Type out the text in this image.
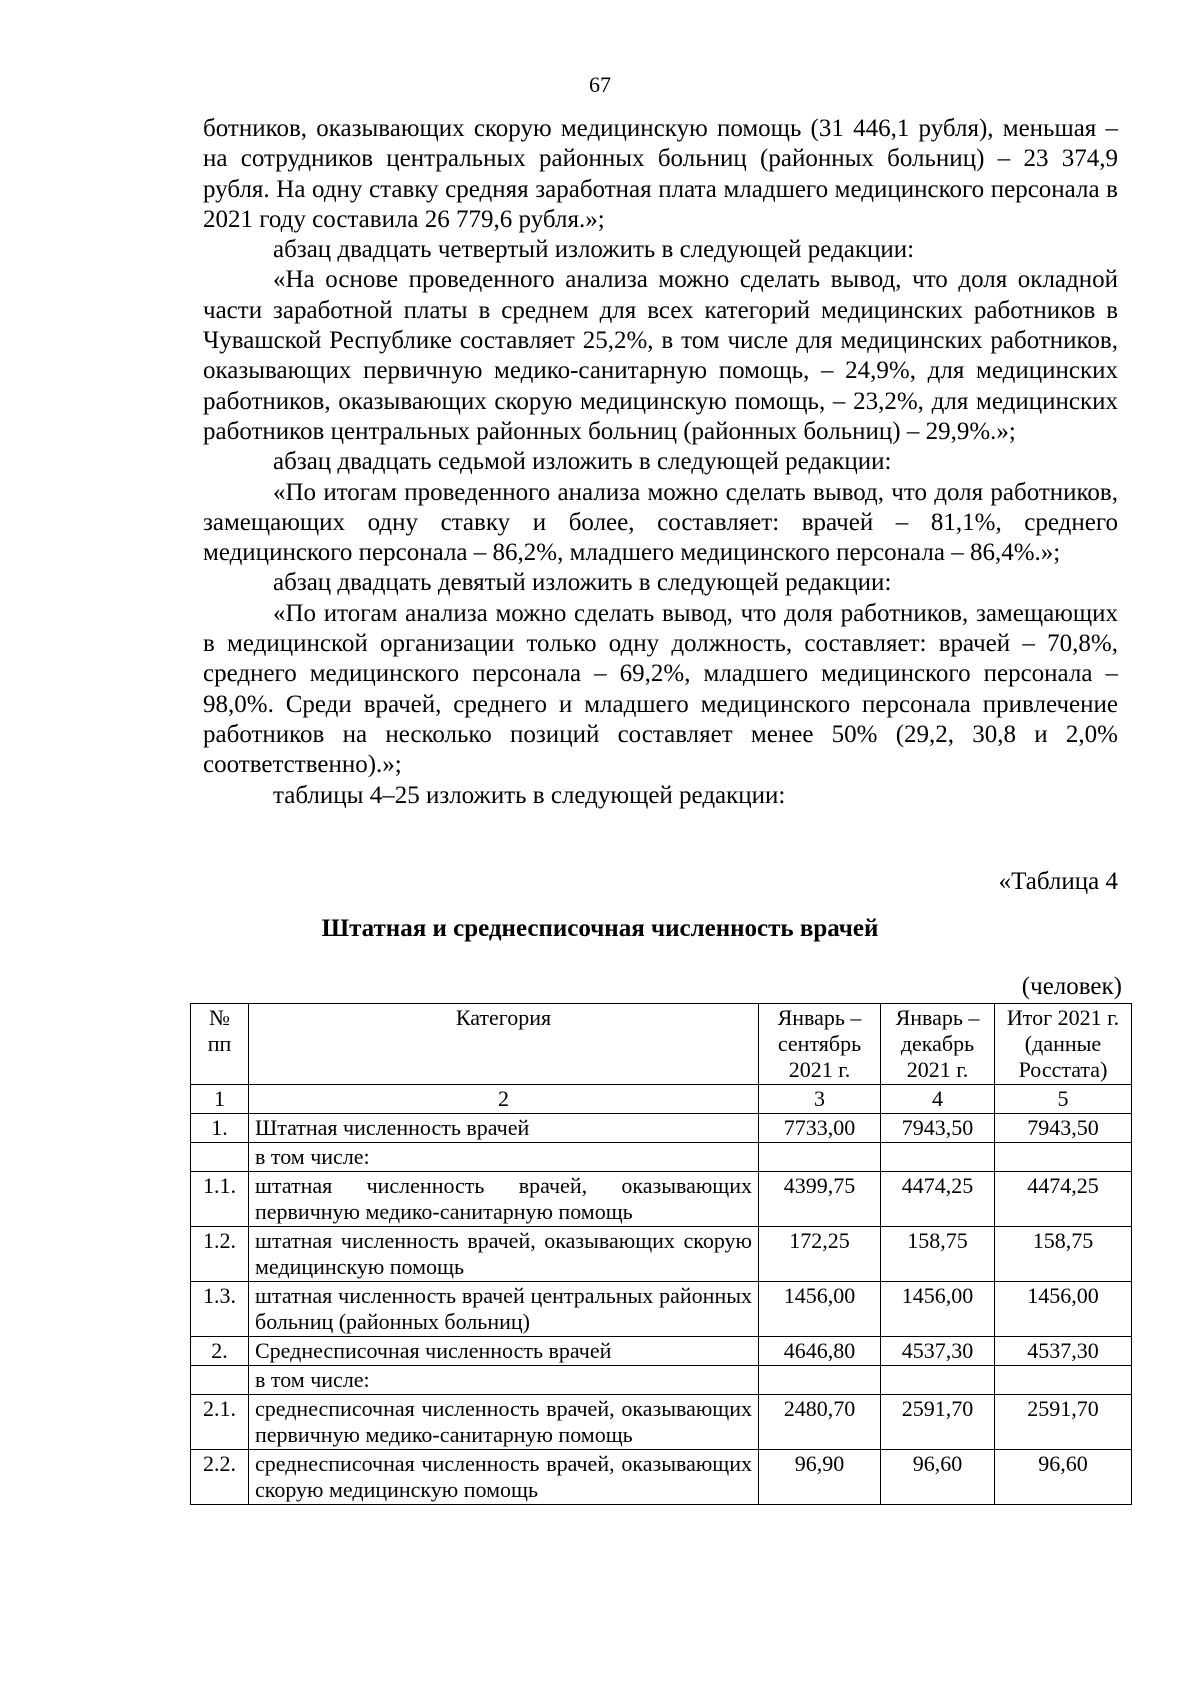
67

ботников, оказывающих скорую медицинскую помощь (31 446,1 рубля), меньшая – на сотрудников центральных районных больниц (районных больниц) – 23 374,9 рубля. На одну ставку средняя заработная плата младшего медицинского персонала в 2021 году составила 26 779,6 рубля.»;

абзац двадцать четвертый изложить в следующей редакции:

«На основе проведенного анализа можно сделать вывод, что доля окладной части заработной платы в среднем для всех категорий медицинских работников в Чувашской Республике составляет 25,2%, в том числе для медицинских работников, оказывающих первичную медико-санитарную помощь, – 24,9%, для медицинских работников, оказывающих скорую медицинскую помощь, – 23,2%, для медицинских работников центральных районных больниц (районных больниц) – 29,9%.»;

абзац двадцать седьмой изложить в следующей редакции:

«По итогам проведенного анализа можно сделать вывод, что доля работников, замещающих одну ставку и более, составляет: врачей – 81,1%, среднего медицинского персонала – 86,2%, младшего медицинского персонала – 86,4%.»;

абзац двадцать девятый изложить в следующей редакции:

«По итогам анализа можно сделать вывод, что доля работников, замещающих в медицинской организации только одну должность, составляет: врачей – 70,8%, среднего медицинского персонала – 69,2%, младшего медицинского персонала – 98,0%. Среди врачей, среднего и младшего медицинского персонала привлечение работников на несколько позиций составляет менее 50% (29,2, 30,8 и 2,0% соответственно).»;

таблицы 4–25 изложить в следующей редакции:

«Таблица 4
Штатная и среднесписочная численность врачей
(человек)
№ пп	Категория	Январь – сентябрь 2021 г.	Январь – декабрь 2021 г.	Итог 2021 г. (данные Росстата)
1	2	3	4	5
1.	Штатная численность врачей	7733,00	7943,50	7943,50
	в том числе:			
1.1.	штатная численность врачей, оказывающих первичную медико-санитарную помощь	4399,75	4474,25	4474,25
1.2.	штатная численность врачей, оказывающих скорую медицинскую помощь	172,25	158,75	158,75
1.3.	штатная численность врачей центральных районных больниц (районных больниц)	1456,00	1456,00	1456,00
2.	Среднесписочная численность врачей	4646,80	4537,30	4537,30
	в том числе:			
2.1.	среднесписочная численность врачей, оказывающих первичную медико-санитарную помощь	2480,70	2591,70	2591,70
2.2.	среднесписочная численность врачей, оказывающих скорую медицинскую помощь	96,90	96,60	96,60
